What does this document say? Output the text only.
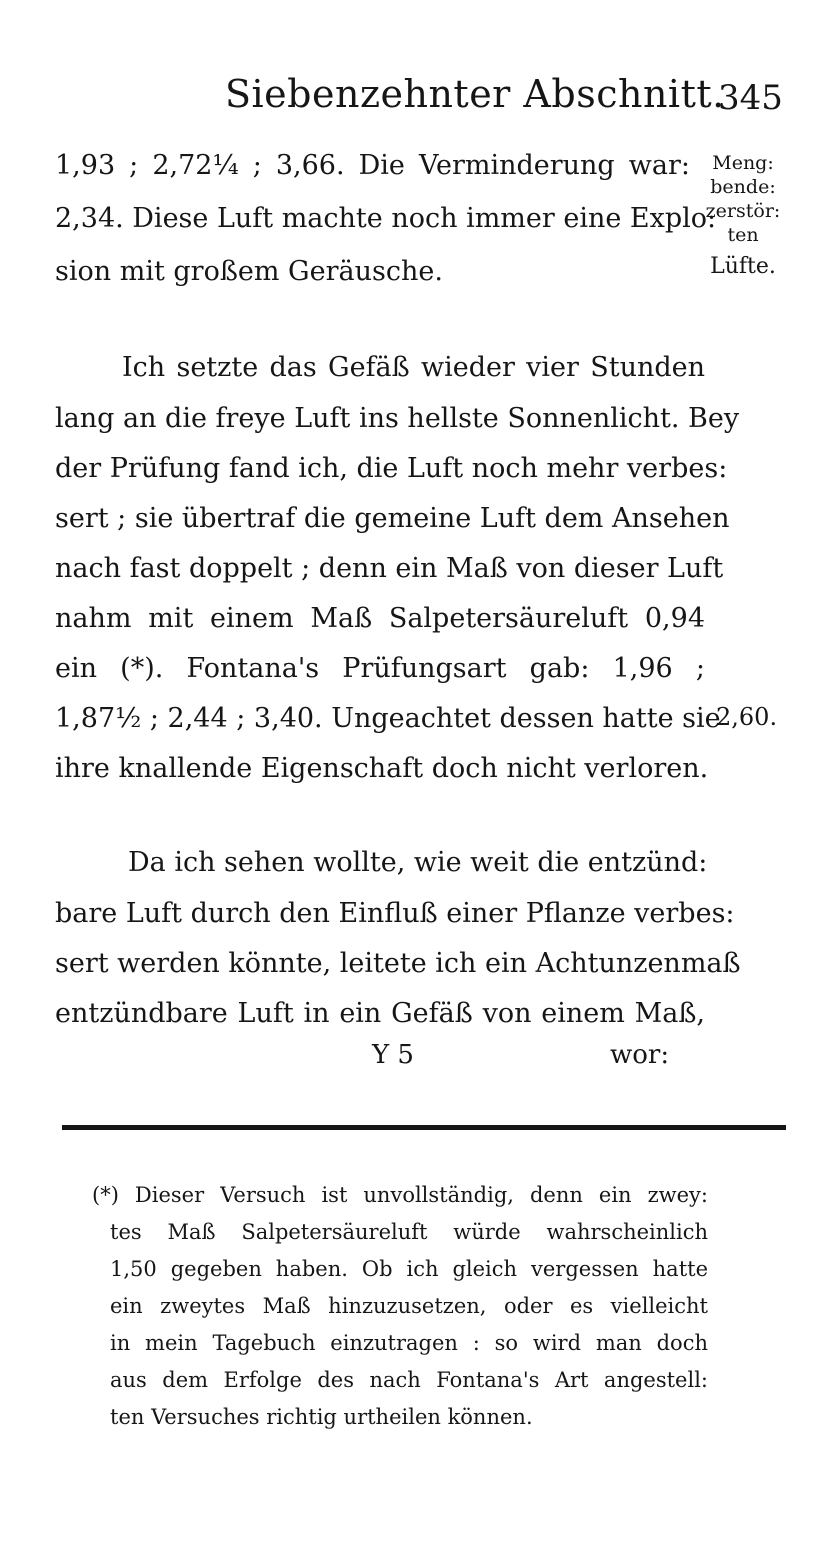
Siebenzehnter Abschnitt.
345
Meng:
bende:
zerstör:
ten
Lüfte.
2,60.
1,93 ; 2,72¼ ; 3,66. Die Verminderung war:
2,34. Diese Luft machte noch immer eine Explo:
sion mit großem Geräusche.
Ich setzte das Gefäß wieder vier Stunden
lang an die freye Luft ins hellste Sonnenlicht. Bey
der Prüfung fand ich, die Luft noch mehr verbes:
sert ; sie übertraf die gemeine Luft dem Ansehen
nach fast doppelt ; denn ein Maß von dieser Luft
nahm mit einem Maß Salpetersäureluft 0,94
ein (*). Fontana's Prüfungsart gab: 1,96 ;
1,87½ ; 2,44 ; 3,40. Ungeachtet dessen hatte sie
ihre knallende Eigenschaft doch nicht verloren.
Da ich sehen wollte, wie weit die entzünd:
bare Luft durch den Einfluß einer Pflanze verbes:
sert werden könnte, leitete ich ein Achtunzenmaß
entzündbare Luft in ein Gefäß von einem Maß,
Y 5	wor:
(*) Dieser Versuch ist unvollständig, denn ein zwey:
tes Maß Salpetersäureluft würde wahrscheinlich
1,50 gegeben haben. Ob ich gleich vergessen hatte
ein zweytes Maß hinzuzusetzen, oder es vielleicht
in mein Tagebuch einzutragen : so wird man doch
aus dem Erfolge des nach Fontana's Art angestell:
ten Versuches richtig urtheilen können.
